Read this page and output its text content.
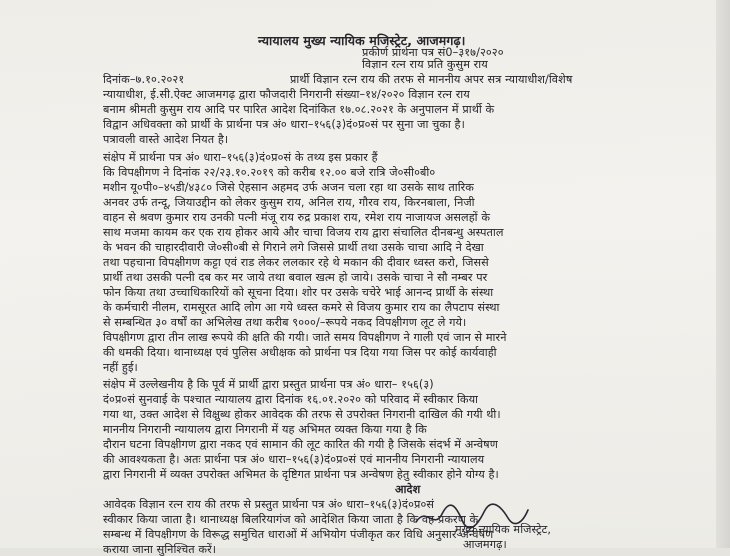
न्यायालय मुख्य न्यायिक मजिस्ट्रेट, आजमगढ़।
प्रकीर्ण प्रार्थना पत्र सं0–३१७/२०२०
विज्ञान रत्न राय प्रति कुसुम राय
दिनांक–७.१०.२०२१	प्रार्थी विज्ञान रत्न राय की तरफ से माननीय अपर सत्र न्यायाधीश/विशेष
न्यायाधीश, ई.सी.ऐक्ट आजमगढ़ द्वारा फौजदारी निगरानी संख्या–१४/२०२० विज्ञान रत्न राय
बनाम श्रीमती कुसुम राय आदि पर पारित आदेश दिनांकित १७.०८.२०२१ के अनुपालन में प्रार्थी के
विद्वान अधिवक्ता को प्रार्थी के प्रार्थना पत्र अं० धारा–१५६(३)दं०प्र०सं पर सुना जा चुका है।
पत्रावली वास्ते आदेश नियत है।
संक्षेप में प्रार्थना पत्र अं० धारा–१५६(३)दं०प्र०सं के तथ्य इस प्रकार हैं
कि विपक्षीगण ने दिनांक २२/२३.१०.२०१९ को करीब १२.०० बजे रात्रि जे०सी०बी०
मशीन यू०पी०–४५डी/४३८० जिसे ऐहसान अहमद उर्फ अजन चला रहा था उसके साथ तारिक
अनवर उर्फ तन्दू, जियाउद्दीन को लेकर कुसुम राय, अनिल राय, गौरव राय, किरनबाला, निजी
वाहन से श्रवण कुमार राय उनकी पत्नी मंजू राय रुद्र प्रकाश राय, रमेश राय नाजायज असलहों के
साथ मजमा कायम कर एक राय होकर आये और चाचा विजय राय द्वारा संचालित दीनबन्धु अस्पताल
के भवन की चाहारदीवारी जे०सी०बी से गिराने लगे जिससे प्रार्थी तथा उसके चाचा आदि ने देखा
तथा पहचाना विपक्षीगण कट्टा एवं राड लेकर ललकार रहे थे मकान की दीवार ध्वस्त करो, जिससे
प्रार्थी तथा उसकी पत्नी दब कर मर जाये तथा बवाल खत्म हो जाये। उसके चाचा ने सौ नम्बर पर
फोन किया तथा उच्चाधिकारियों को सूचना दिया। शोर पर उसके चचेरे भाई आनन्द प्रार्थी के संस्था
के कर्मचारी नीलम, रामसूरत आदि लोग आ गये ध्वस्त कमरे से विजय कुमार राय का लैपटाप संस्था
से सम्बन्धित ३० वर्षों का अभिलेख तथा करीब ९०००/–रूपये नकद विपक्षीगण लूट ले गये।
विपक्षीगण द्वारा तीन लाख रूपये की क्षति की गयी। जाते समय विपक्षीगण ने गाली एवं जान से मारने
की धमकी दिया। थानाध्यक्ष एवं पुलिस अधीक्षक को प्रार्थना पत्र दिया गया जिस पर कोई कार्यवाही
नहीं हुई।
संक्षेप में उल्लेखनीय है कि पूर्व में प्रार्थी द्वारा प्रस्तुत प्रार्थना पत्र अं० धारा– १५६(३)
दं०प्र०सं सुनवाई के पश्चात न्यायालय द्वारा दिनांक १६.०१.२०२० को परिवाद में स्वीकार किया
गया था, उक्त आदेश से विक्षुब्ध होकर आवेदक की तरफ से उपरोक्त निगरानी दाखिल की गयी थी।
माननीय निगरानी न्यायालय द्वारा निगरानी में यह अभिमत व्यक्त किया गया है कि
दौरान घटना विपक्षीगण द्वारा नकद एवं सामान की लूट कारित की गयी है जिसके संदर्भ में अन्वेषण
की आवश्यकता है। अतः प्रार्थना पत्र अं० धारा–१५६(३)दं०प्र०सं एवं माननीय निगरानी न्यायालय
द्वारा निगरानी में व्यक्त उपरोक्त अभिमत के दृष्टिगत प्रार्थना पत्र अन्वेषण हेतु स्वीकार होने योग्य है।
आदेश
आवेदक विज्ञान रत्न राय की तरफ से प्रस्तुत प्रार्थना पत्र अं० धारा–१५६(३)दं०प्र०सं
स्वीकार किया जाता है। थानाध्यक्ष बिलरियागंज को आदेशित किया जाता है कि वह प्रकरण के
सम्बन्ध में विपक्षीगण के विरूद्ध समुचित धाराओं में अभियोग पंजीकृत कर विधि अनुसार अन्वेषण
कराया जाना सुनिश्चित करें।
मुख्य न्यायिक मजिस्ट्रेट,
आजमगढ़।
